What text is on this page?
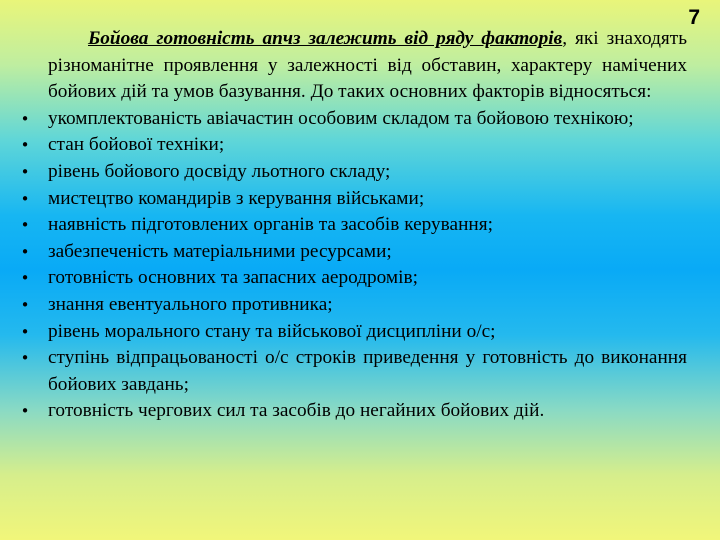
7

Бойова готовність апчз залежить від ряду факторів, які знаходять різноманітне проявлення у залежності від обставин, характеру намічених бойових дій та умов базування. До таких основних факторів відносяться:

• укомплектованість авіачастин особовим складом та бойовою технікою;
• стан бойової техніки;
• рівень бойового досвіду льотного складу;
• мистецтво командирів з керування військами;
• наявність підготовлених органів та засобів керування;
• забезпеченість матеріальними ресурсами;
• готовність основних та запасних аеродромів;
• знання евентуального противника;
• рівень морального стану та військової дисципліни о/с;
• ступінь відпрацьованості о/с строків приведення у готовність до виконання бойових завдань;
• готовність чергових сил та засобів до негайних бойових дій.
